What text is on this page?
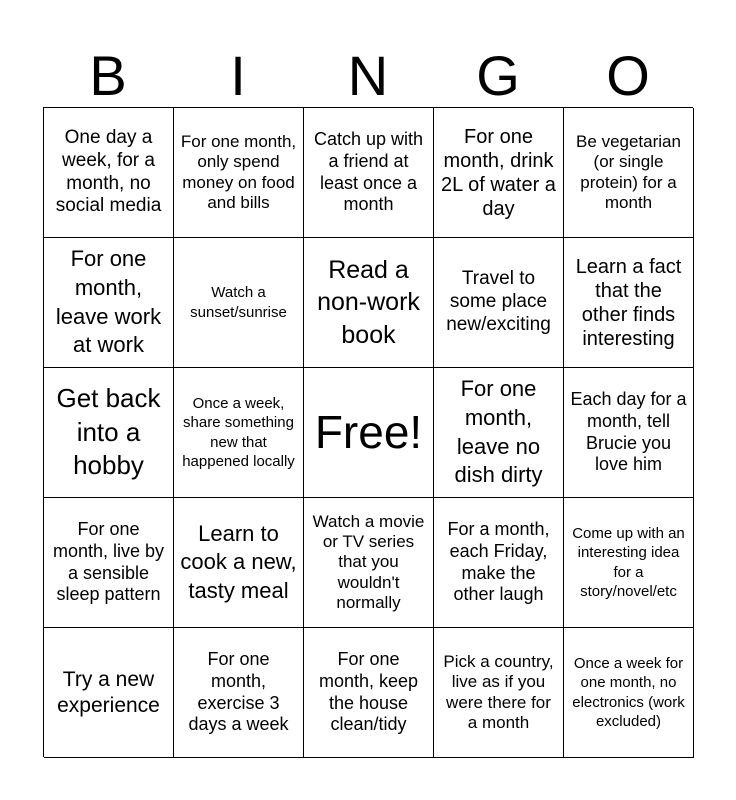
B	I	N	G	O
One day a week, for a month, no social media
For one month, only spend money on food and bills
Catch up with a friend at least once a month
For one month, drink 2L of water a day
Be vegetarian (or single protein) for a month
For one month, leave work at work
Watch a sunset/sunrise
Read a non-work book
Travel to some place new/exciting
Learn a fact that the other finds interesting
Get back into a hobby
Once a week, share something new that happened locally
Free!
For one month, leave no dish dirty
Each day for a month, tell Brucie you love him
For one month, live by a sensible sleep pattern
Learn to cook a new, tasty meal
Watch a movie or TV series that you wouldn't normally
For a month, each Friday, make the other laugh
Come up with an interesting idea for a story/novel/etc
Try a new experience
For one month, exercise 3 days a week
For one month, keep the house clean/tidy
Pick a country, live as if you were there for a month
Once a week for one month, no electronics (work excluded)
